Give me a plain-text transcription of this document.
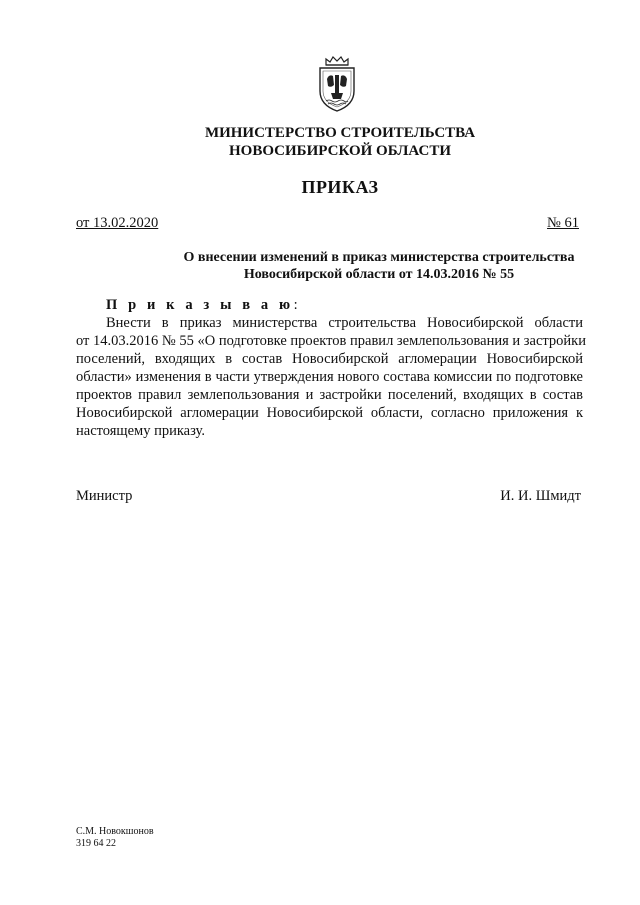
МИНИСТЕРСТВО СТРОИТЕЛЬСТВА
НОВОСИБИРСКОЙ ОБЛАСТИ
ПРИКАЗ
от 13.02.2020	№ 61
О внесении изменений в приказ министерства строительства
Новосибирской области от 14.03.2016 № 55
П р и к а з ы в а ю:
Внести в приказ министерства строительства Новосибирской области
от 14.03.2016 № 55 «О подготовке проектов правил землепользования и застройки
поселений, входящих в состав Новосибирской агломерации Новосибирской
области» изменения в части утверждения нового состава комиссии по подготовке
проектов правил землепользования и застройки поселений, входящих в состав
Новосибирской агломерации Новосибирской области, согласно приложения к
настоящему приказу.
Министр	И. И. Шмидт
С.М. Новокшонов
319 64 22
